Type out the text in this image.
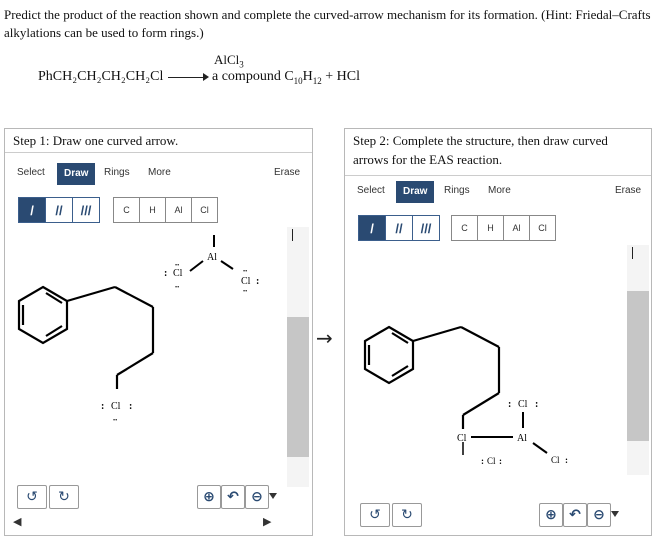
Predict the product of the reaction shown and complete the curved-arrow mechanism for its formation. (Hint: Friedal–Crafts alkylations can be used to form rings.)
AlCl$_3$
PhCH₂CH₂CH₂CH₂Cl	a compound $C_{10}H_{12}$ + HCl
Step 1: Draw one curved arrow.
Select	Draw	Rings More	Erase
/	//	///	C	H	Al	Cl
Al
Cl
Cl
:
:
••
••
••
••
Cl
: :
••
↺	↻	⊕ ↶ ⊖
◀	▶
→
Step 2: Complete the structure, then draw curved arrows for the EAS reaction.
Select	Draw	Rings More	Erase
/	//	///	C	H	Al	Cl
Cl
: :
Cl	Al
Cl
Cl
: :	:
↺	↻	⊕ ↶ ⊖
